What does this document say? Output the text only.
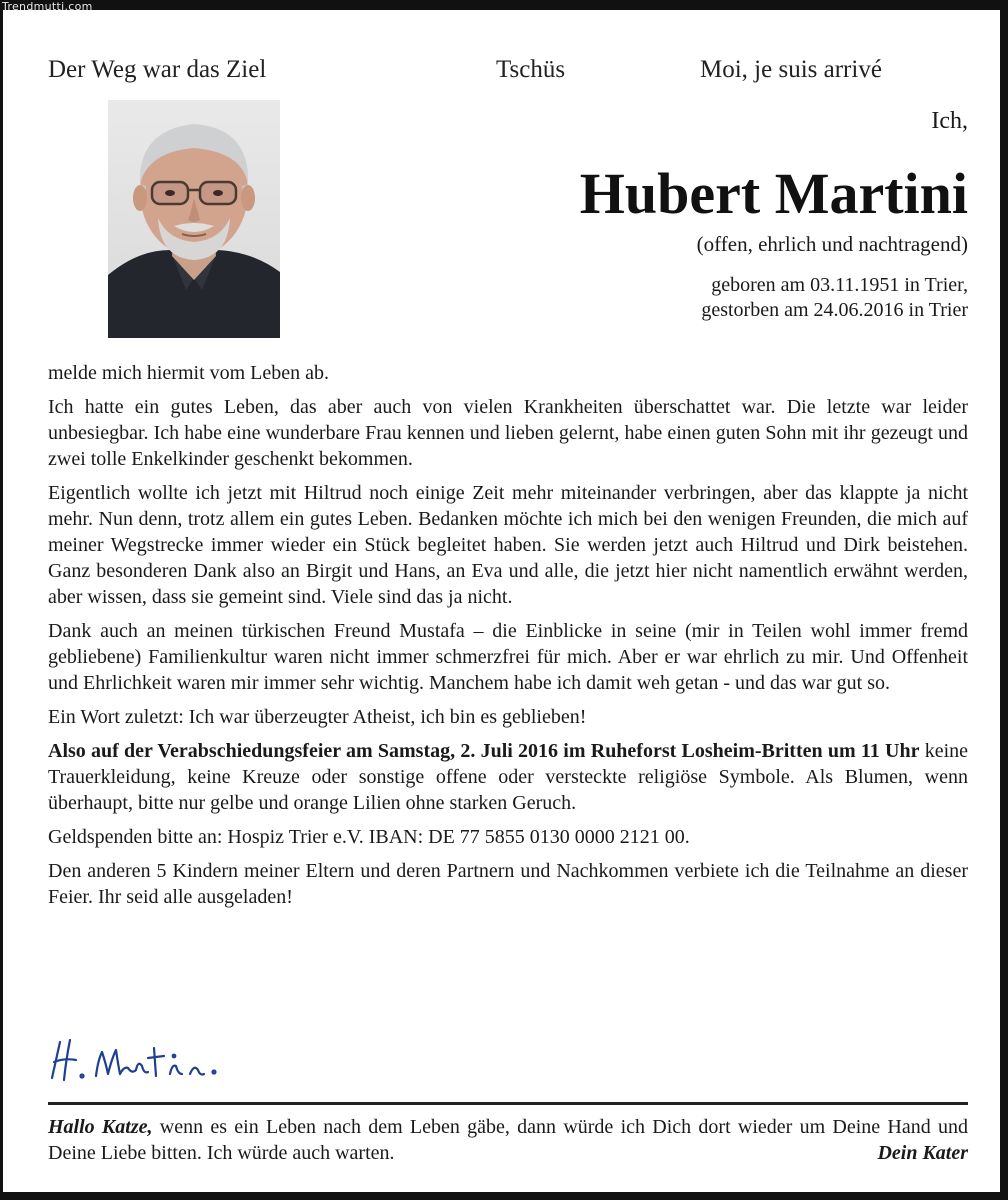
Trendmutti.com
Der Weg war das Ziel	Tschüs	Moi, je suis arrivé
Ich,
Hubert Martini
(offen, ehrlich und nachtragend)
geboren am 03.11.1951 in Trier,
gestorben am 24.06.2016 in Trier

melde mich hiermit vom Leben ab.

Ich hatte ein gutes Leben, das aber auch von vielen Krankheiten überschattet war. Die letzte war leider unbesiegbar. Ich habe eine wunderbare Frau kennen und lieben gelernt, habe einen guten Sohn mit ihr gezeugt und zwei tolle Enkelkinder geschenkt bekommen.

Eigentlich wollte ich jetzt mit Hiltrud noch einige Zeit mehr miteinander verbringen, aber das klappte ja nicht mehr. Nun denn, trotz allem ein gutes Leben. Bedanken möchte ich mich bei den wenigen Freunden, die mich auf meiner Wegstrecke immer wieder ein Stück begleitet haben. Sie werden jetzt auch Hiltrud und Dirk beistehen. Ganz besonderen Dank also an Birgit und Hans, an Eva und alle, die jetzt hier nicht namentlich erwähnt werden, aber wissen, dass sie gemeint sind. Viele sind das ja nicht.

Dank auch an meinen türkischen Freund Mustafa – die Einblicke in seine (mir in Teilen wohl immer fremd gebliebene) Familienkultur waren nicht immer schmerzfrei für mich. Aber er war ehrlich zu mir. Und Offenheit und Ehrlichkeit waren mir immer sehr wichtig. Manchem habe ich damit weh getan - und das war gut so.

Ein Wort zuletzt: Ich war überzeugter Atheist, ich bin es geblieben!

Also auf der Verabschiedungsfeier am Samstag, 2. Juli 2016 im Ruheforst Losheim-Britten um 11 Uhr keine Trauerkleidung, keine Kreuze oder sonstige offene oder versteckte religiöse Symbole. Als Blumen, wenn überhaupt, bitte nur gelbe und orange Lilien ohne starken Geruch.

Geldspenden bitte an: Hospiz Trier e.V. IBAN: DE 77 5855 0130 0000 2121 00.

Den anderen 5 Kindern meiner Eltern und deren Partnern und Nachkommen verbiete ich die Teilnahme an dieser Feier. Ihr seid alle ausgeladen!

Hallo Katze, wenn es ein Leben nach dem Leben gäbe, dann würde ich Dich dort wieder um Deine Hand und Deine Liebe bitten. Ich würde auch warten.	Dein Kater
